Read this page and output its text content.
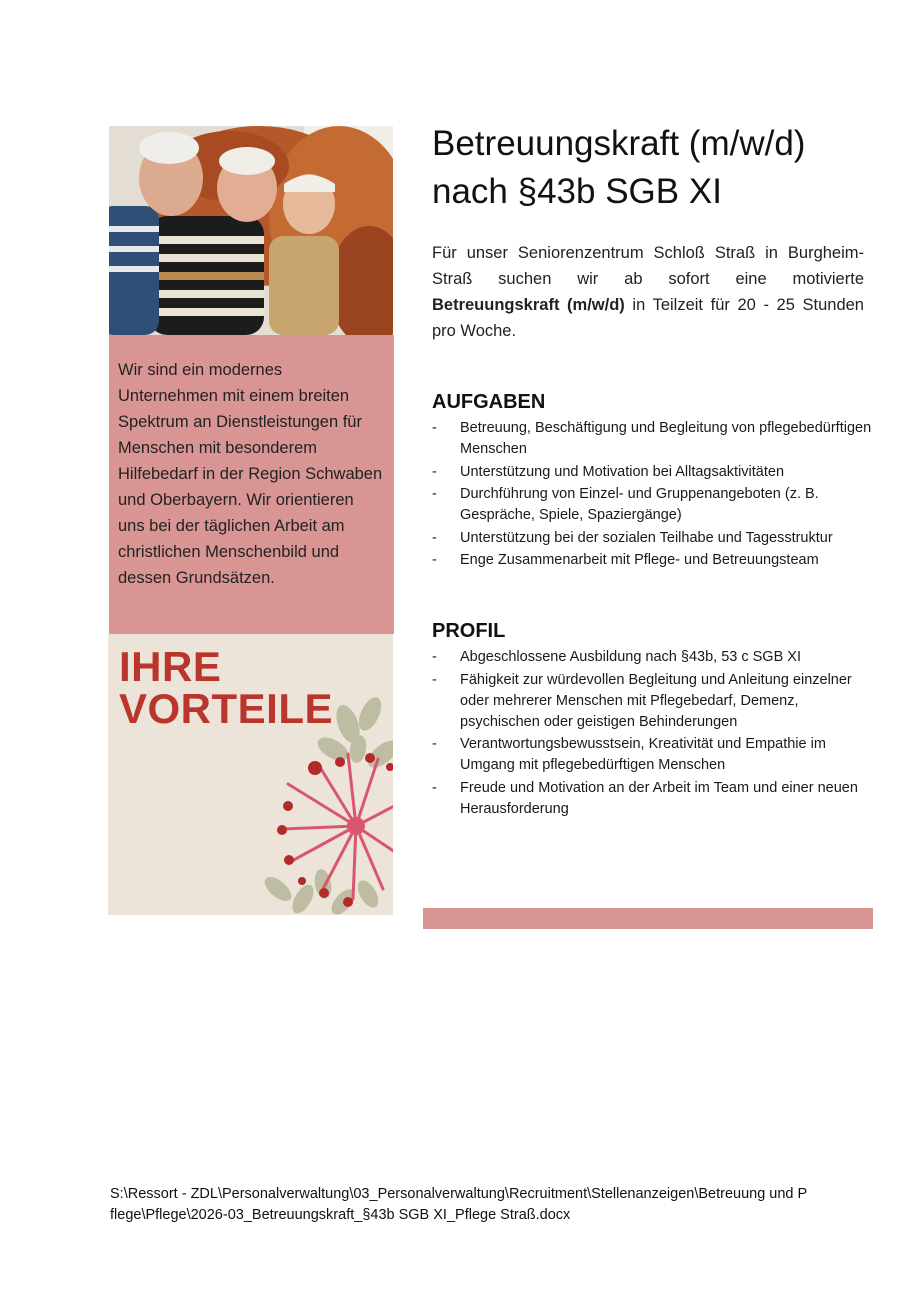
Wir sind ein modernes Unternehmen mit einem breiten Spektrum an Dienstleistungen für Menschen mit besonderem Hilfebedarf in der Region Schwaben und Oberbayern. Wir orientieren uns bei der täglichen Arbeit am christlichen Menschenbild und dessen Grundsätzen.

IHRE
VORTEILE
Betreuungskraft (m/w/d)
nach §43b SGB XI

Für unser Seniorenzentrum Schloß Straß in Burgheim-Straß suchen wir ab sofort eine motivierte Betreuungskraft (m/w/d) in Teilzeit für 20 - 25 Stunden pro Woche.

AUFGABEN
- Betreuung, Beschäftigung und Begleitung von pflegebedürftigen Menschen
- Unterstützung und Motivation bei Alltagsaktivitäten
- Durchführung von Einzel- und Gruppenangeboten (z. B. Gespräche, Spiele, Spaziergänge)
- Unterstützung bei der sozialen Teilhabe und Tagesstruktur
- Enge Zusammenarbeit mit Pflege- und Betreuungsteam
PROFIL
- Abgeschlossene Ausbildung nach §43b, 53 c SGB XI
- Fähigkeit zur würdevollen Begleitung und Anleitung einzelner oder mehrerer Menschen mit Pflegebedarf, Demenz, psychischen oder geistigen Behinderungen
- Verantwortungsbewusstsein, Kreativität und Empathie im Umgang mit pflegebedürftigen Menschen
- Freude und Motivation an der Arbeit im Team und einer neuen Herausforderung

S:\Ressort - ZDL\Personalverwaltung\03_Personalverwaltung\Recruitment\Stellenanzeigen\Betreuung und Pflege\Pflege\2026-03_Betreuungskraft_§43b SGB XI_Pflege Straß.docx
